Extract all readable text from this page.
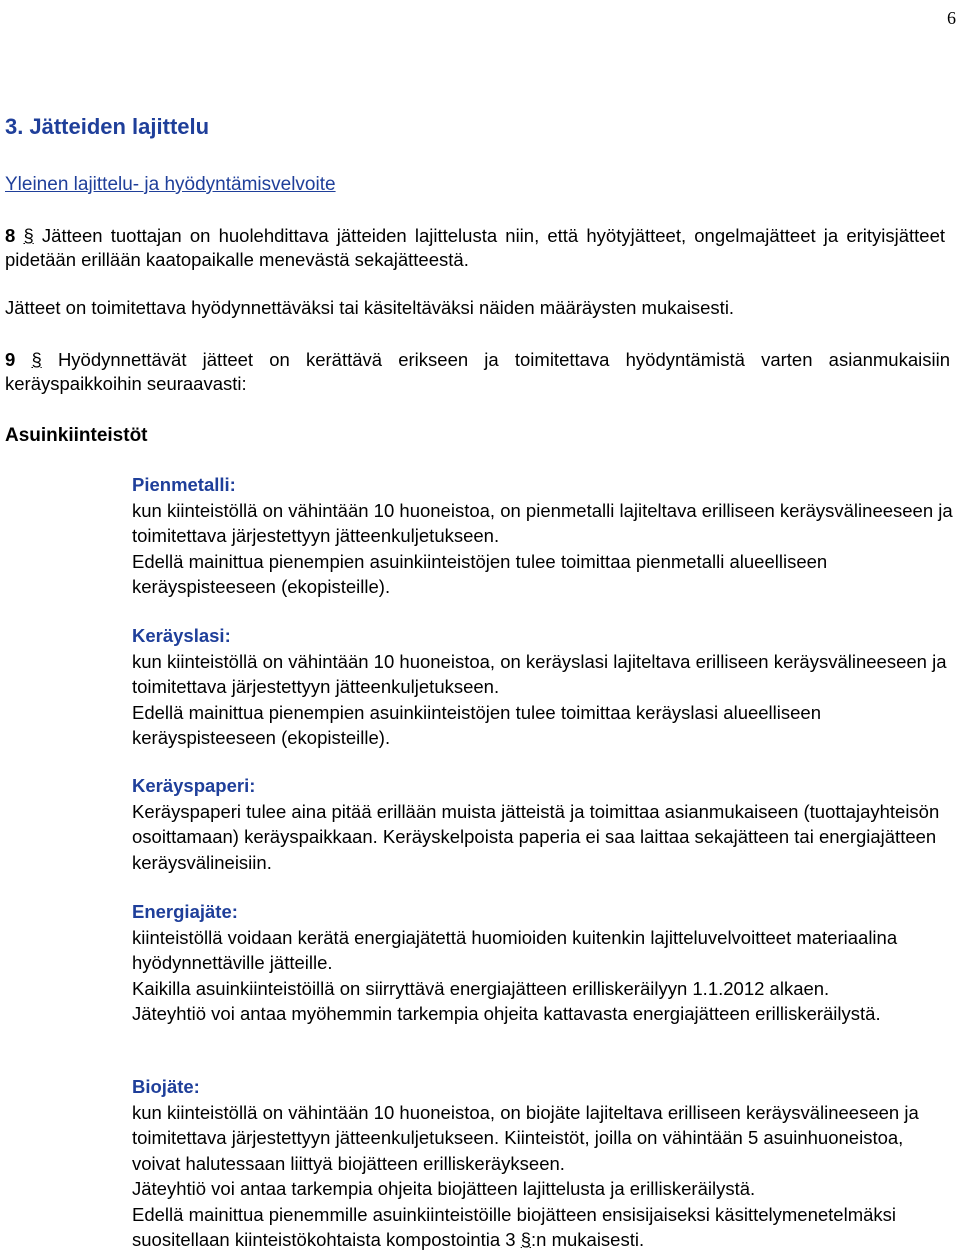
6
3. Jätteiden lajittelu
Yleinen lajittelu- ja hyödyntämisvelvoite

8 § Jätteen tuottajan on huolehdittava jätteiden lajittelusta niin, että hyötyjätteet, ongelmajätteet ja erityisjätteet pidetään erillään kaatopaikalle menevästä sekajätteestä.

Jätteet on toimitettava hyödynnettäväksi tai käsiteltäväksi näiden määräysten mukaisesti.

9 § Hyödynnettävät jätteet on kerättävä erikseen ja toimitettava hyödyntämistä varten asianmukaisiin keräyspaikkoihin seuraavasti:

Asuinkiinteistöt
Pienmetalli:

kun kiinteistöllä on vähintään 10 huoneistoa, on pienmetalli lajiteltava erilliseen keräysvälineeseen ja toimitettava järjestettyyn jätteenkuljetukseen.

Edellä mainittua pienempien asuinkiinteistöjen tulee toimittaa pienmetalli alueelliseen keräyspisteeseen (ekopisteille).

Keräyslasi:

kun kiinteistöllä on vähintään 10 huoneistoa, on keräyslasi lajiteltava erilliseen keräysvälineeseen ja toimitettava järjestettyyn jätteenkuljetukseen.

Edellä mainittua pienempien asuinkiinteistöjen tulee toimittaa keräyslasi alueelliseen keräyspisteeseen (ekopisteille).

Keräyspaperi:

Keräyspaperi tulee aina pitää erillään muista jätteistä ja toimittaa asianmukaiseen (tuottajayhteisön osoittamaan) keräyspaikkaan. Keräyskelpoista paperia ei saa laittaa sekajätteen tai energiajätteen keräysvälineisiin.

Energiajäte:

kiinteistöllä voidaan kerätä energiajätettä huomioiden kuitenkin lajitteluvelvoitteet materiaalina hyödynnettäville jätteille.

Kaikilla asuinkiinteistöillä on siirryttävä energiajätteen erilliskeräilyyn 1.1.2012 alkaen.

Jäteyhtiö voi antaa myöhemmin tarkempia ohjeita kattavasta energiajätteen erilliskeräilystä.

Biojäte:

kun kiinteistöllä on vähintään 10 huoneistoa, on biojäte lajiteltava erilliseen keräysvälineeseen ja toimitettava järjestettyyn jätteenkuljetukseen. Kiinteistöt, joilla on vähintään 5 asuinhuoneistoa, voivat halutessaan liittyä biojätteen erilliskeräykseen.

Jäteyhtiö voi antaa tarkempia ohjeita biojätteen lajittelusta ja erilliskeräilystä.

Edellä mainittua pienemmille asuinkiinteistöille biojätteen ensisijaiseksi käsittelymenetelmäksi suositellaan kiinteistökohtaista kompostointia 3 §:n mukaisesti.
